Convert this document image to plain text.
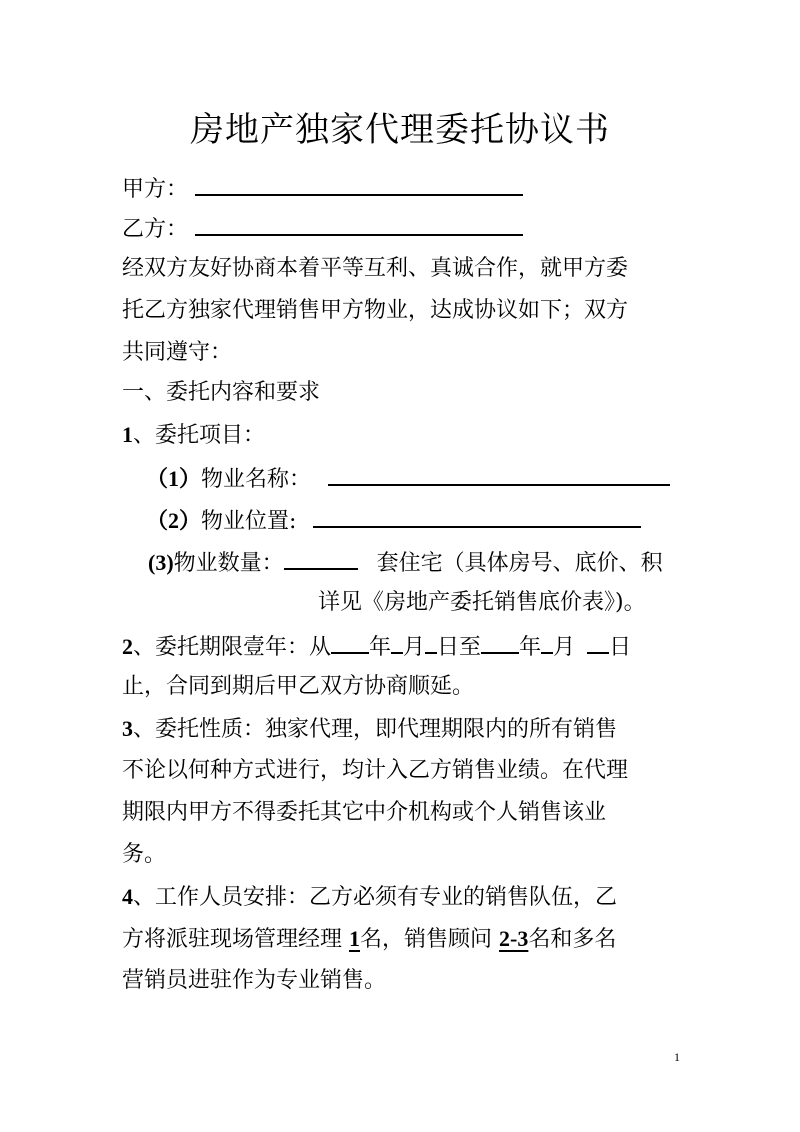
房地产独家代理委托协议书
甲方：
乙方：
经双方友好协商本着平等互利、真诚合作，就甲方委
托乙方独家代理销售甲方物业，达成协议如下；双方
共同遵守：
一、委托内容和要求
1、委托项目：
（1）物业名称：
（2）物业位置:
(3)物业数量：	套住宅（具体房号、底价、积
详见《房地产委托销售底价表》)。
2、委托期限壹年：从 年 月 日至 年 月 日
止，合同到期后甲乙双方协商顺延。
3、委托性质：独家代理，即代理期限内的所有销售
不论以何种方式进行，均计入乙方销售业绩。在代理
期限内甲方不得委托其它中介机构或个人销售该业
务。
4、工作人员安排：乙方必须有专业的销售队伍，乙
方将派驻现场管理经理 1名，销售顾问 2-3名和多名
营销员进驻作为专业销售。
1
